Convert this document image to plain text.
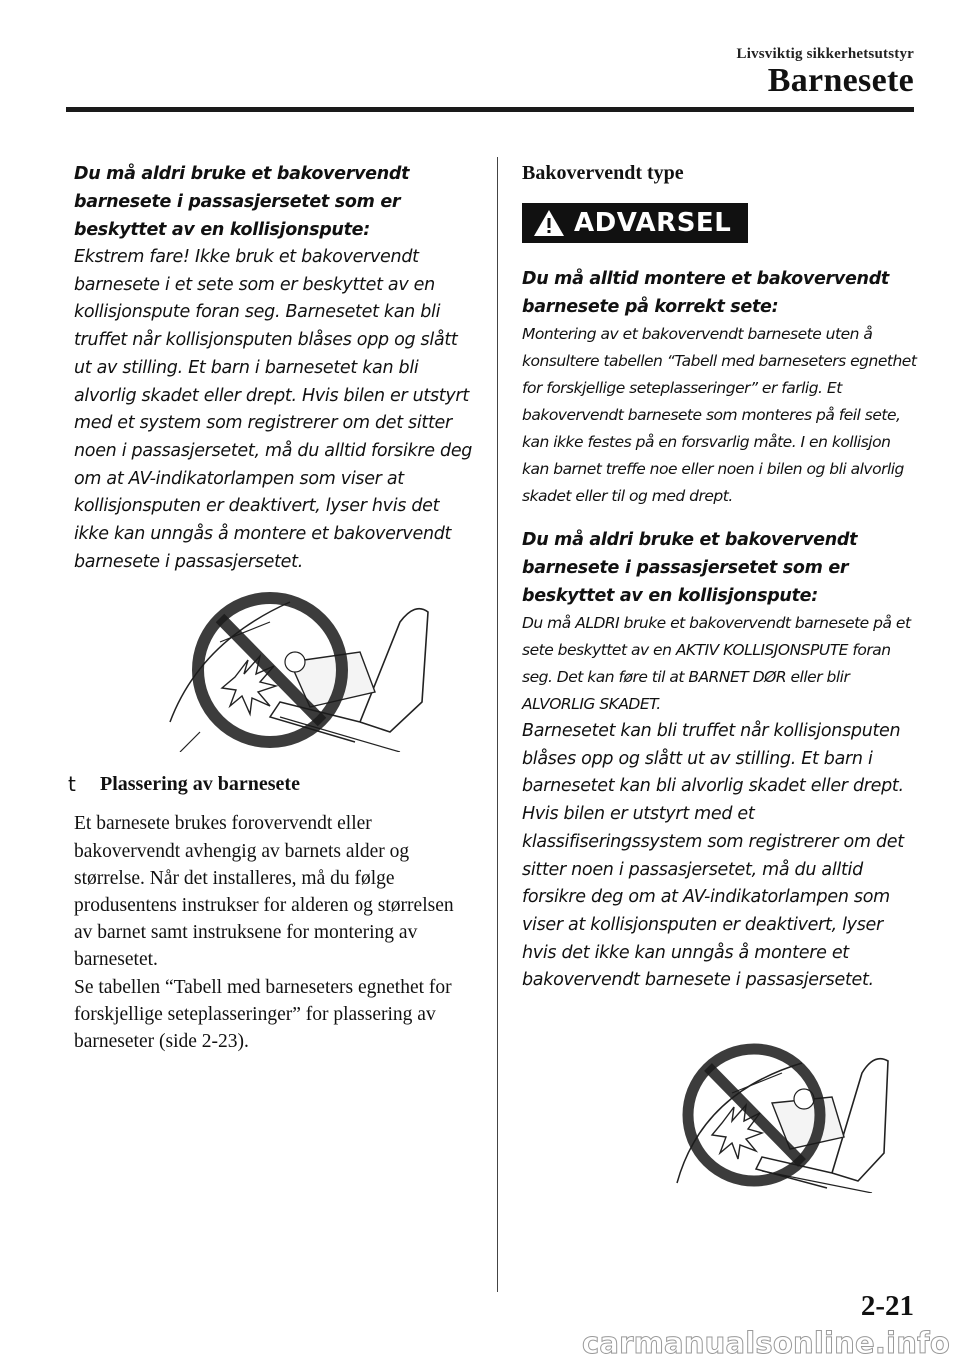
Livsviktig sikkerhetsutstyr
Barnesete

Du må aldri bruke et bakovervendt barnesete i passasjersetet som er beskyttet av en kollisjonspute:

Ekstrem fare! Ikke bruk et bakovervendt barnesete i et sete som er beskyttet av en kollisjonspute foran seg. Barnesetet kan bli truffet når kollisjonsputen blåses opp og slått ut av stilling. Et barn i barnesetet kan bli alvorlig skadet eller drept. Hvis bilen er utstyrt med et system som registrerer om det sitter noen i passasjersetet, må du alltid forsikre deg om at AV-indikatorlampen som viser at kollisjonsputen er deaktivert, lyser hvis det ikke kan unngås å montere et bakovervendt barnesete i passasjersetet.

t	Plassering av barnesete

Et barnesete brukes forovervendt eller bakovervendt avhengig av barnets alder og størrelse. Når det installeres, må du følge produsentens instrukser for alderen og størrelsen av barnet samt instruksene for montering av barnesetet.

Se tabellen “Tabell med barneseters egnethet for forskjellige seteplasseringer” for plassering av barneseter (side 2-23).

Bakovervendt type

ADVARSEL

Du må alltid montere et bakovervendt barnesete på korrekt sete:

Montering av et bakovervendt barnesete uten å konsultere tabellen “Tabell med barneseters egnethet for forskjellige seteplasseringer” er farlig. Et bakovervendt barnesete som monteres på feil sete, kan ikke festes på en forsvarlig måte. I en kollisjon kan barnet treffe noe eller noen i bilen og bli alvorlig skadet eller til og med drept.

Du må aldri bruke et bakovervendt barnesete i passasjersetet som er beskyttet av en kollisjonspute:

Du må ALDRI bruke et bakovervendt barnesete på et sete beskyttet av en AKTIV KOLLISJONSPUTE foran seg. Det kan føre til at BARNET DØR eller blir ALVORLIG SKADET.

Barnesetet kan bli truffet når kollisjonsputen blåses opp og slått ut av stilling. Et barn i barnesetet kan bli alvorlig skadet eller drept. Hvis bilen er utstyrt med et klassifiseringssystem som registrerer om det sitter noen i passasjersetet, må du alltid forsikre deg om at AV-indikatorlampen som viser at kollisjonsputen er deaktivert, lyser hvis det ikke kan unngås å montere et bakovervendt barnesete i passasjersetet.

2-21
carmanualsonline.info
